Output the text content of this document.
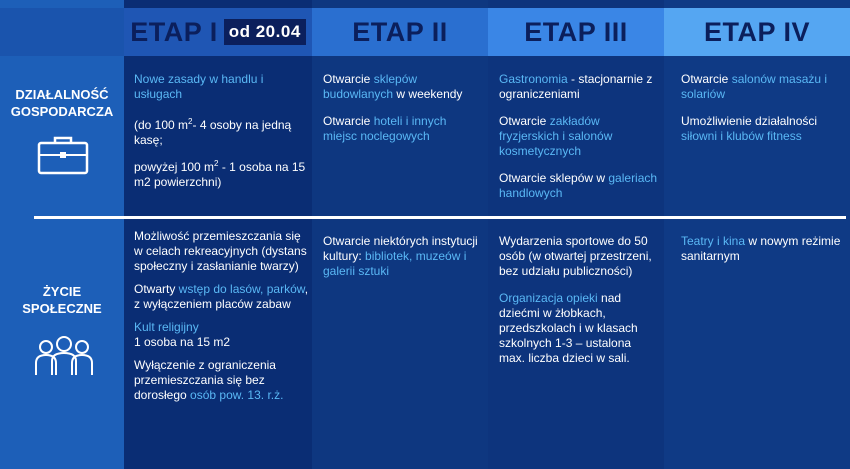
ETAP I od 20.04 ETAP II	ETAP III	ETAP IV
DZIAŁALNOŚĆ
GOSPODARCZA
ŻYCIE
SPOŁECZNE

Nowe zasady w handlu i usługach

(do 100 $m^2-$ 4 osoby na jedną kasę;

powyżej 100 $m^2 - 1$ osoba na 15 m2 powierzchni)

Otwarcie sklepów budowlanych w weekendy

Otwarcie hoteli i innych miejsc noclegowych

Gastronomia - stacjonarnie z ograniczeniami

Otwarcie zakładów fryzjerskich i salonów kosmetycznych

Otwarcie sklepów w galeriach handlowych

Otwarcie salonów masażu i solariów

Umożliwienie działalności siłowni i klubów fitness

Możliwość przemieszczania się w celach rekreacyjnych (dystans społeczny i zasłanianie twarzy)

Otwarty wstęp do lasów, parków, z wyłączeniem placów zabaw

Kult religijny
1 osoba na 15 m2

Wyłączenie z ograniczenia przemieszczania się bez dorosłego osób pow. 13. r.ż.

Otwarcie niektórych instytucji kultury: bibliotek, muzeów i galerii sztuki

Wydarzenia sportowe do 50 osób (w otwartej przestrzeni, bez udziału publiczności)

Organizacja opieki nad dziećmi w żłobkach, przedszkolach i w klasach szkolnych 1-3 – ustalona max. liczba dzieci w sali.

Teatry i kina w nowym reżimie sanitarnym
